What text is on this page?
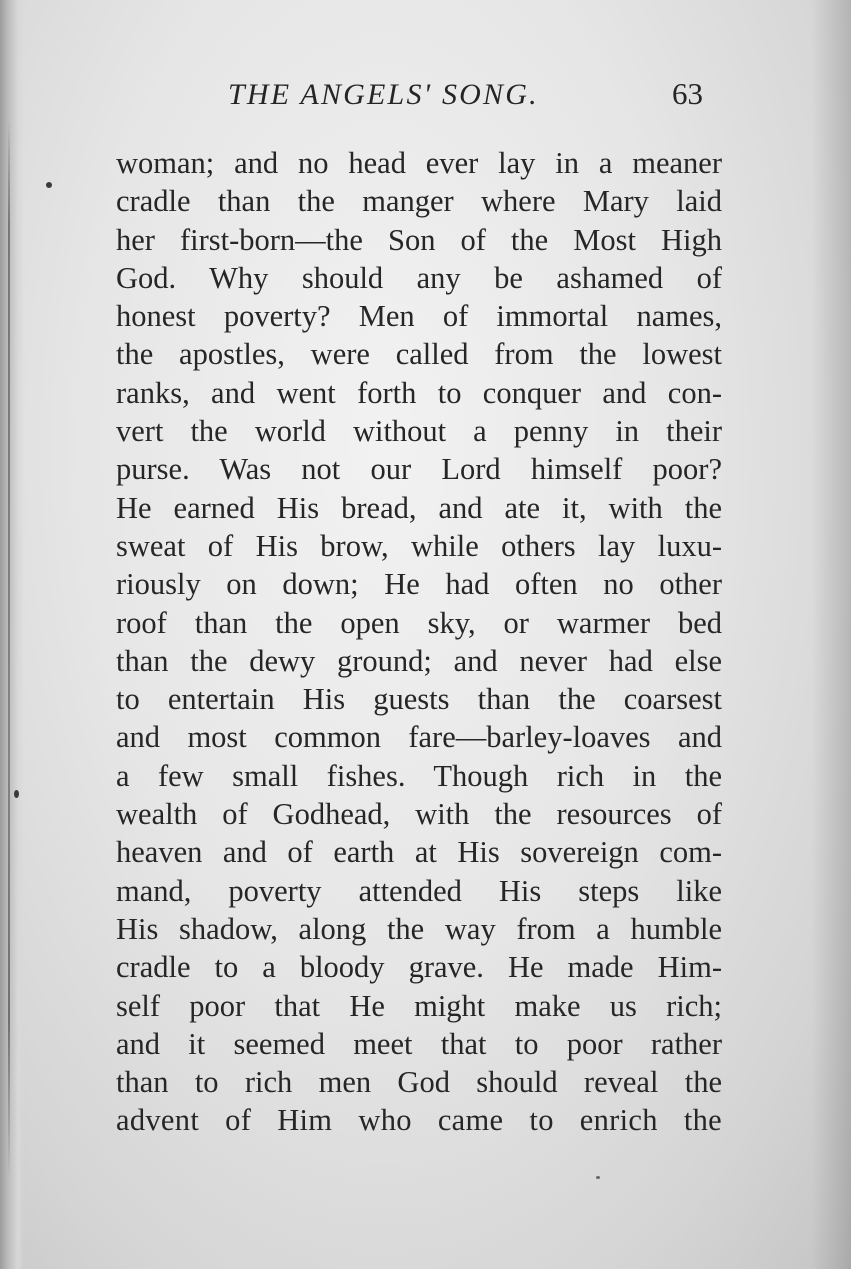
THE ANGELS' SONG.	63
woman; and no head ever lay in a meaner
cradle than the manger where Mary laid
her first-born—the Son of the Most High
God. Why should any be ashamed of
honest poverty? Men of immortal names,
the apostles, were called from the lowest
ranks, and went forth to conquer and con-
vert the world without a penny in their
purse. Was not our Lord himself poor?
He earned His bread, and ate it, with the
sweat of His brow, while others lay luxu-
riously on down; He had often no other
roof than the open sky, or warmer bed
than the dewy ground; and never had else
to entertain His guests than the coarsest
and most common fare—barley-loaves and
a few small fishes. Though rich in the
wealth of Godhead, with the resources of
heaven and of earth at His sovereign com-
mand, poverty attended His steps like
His shadow, along the way from a humble
cradle to a bloody grave. He made Him-
self poor that He might make us rich;
and it seemed meet that to poor rather
than to rich men God should reveal the
advent of Him who came to enrich the
